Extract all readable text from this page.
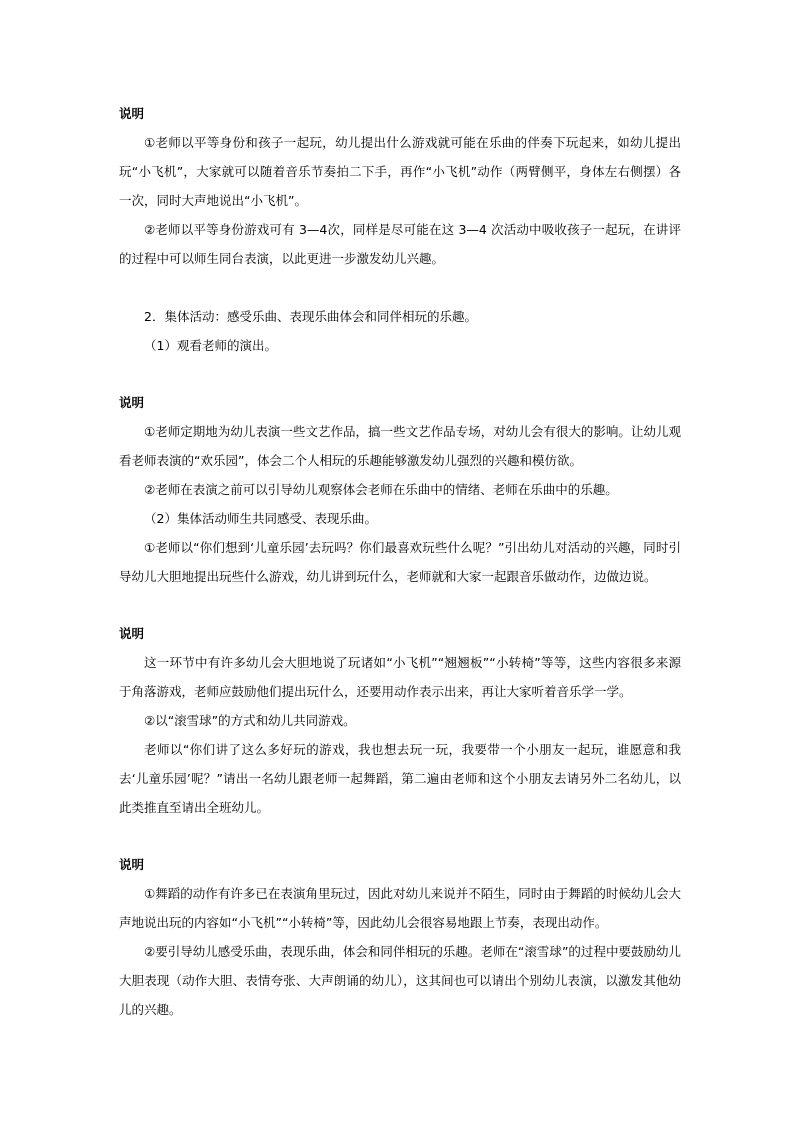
说明

①老师以平等身份和孩子一起玩，幼儿提出什么游戏就可能在乐曲的伴奏下玩起来，如幼儿提出玩“小飞机”，大家就可以随着音乐节奏拍二下手，再作“小飞机”动作（两臂侧平，身体左右侧摆）各一次，同时大声地说出“小飞机”。

②老师以平等身份游戏可有 3—4次，同样是尽可能在这 3—4 次活动中吸收孩子一起玩，在讲评的过程中可以师生同台表演，以此更进一步激发幼儿兴趣。

2．集体活动：感受乐曲、表现乐曲体会和同伴相玩的乐趣。

（1）观看老师的演出。

说明

①老师定期地为幼儿表演一些文艺作品，搞一些文艺作品专场，对幼儿会有很大的影响。让幼儿观看老师表演的“欢乐园”，体会二个人相玩的乐趣能够激发幼儿强烈的兴趣和模仿欲。

②老师在表演之前可以引导幼儿观察体会老师在乐曲中的情绪、老师在乐曲中的乐趣。

（2）集体活动师生共同感受、表现乐曲。

①老师以“你们想到‘儿童乐园’去玩吗？你们最喜欢玩些什么呢？”引出幼儿对活动的兴趣，同时引导幼儿大胆地提出玩些什么游戏，幼儿讲到玩什么，老师就和大家一起跟音乐做动作，边做边说。

说明

这一环节中有许多幼儿会大胆地说了玩诸如“小飞机”“翘翘板”“小转椅”等等，这些内容很多来源于角落游戏，老师应鼓励他们提出玩什么，还要用动作表示出来，再让大家听着音乐学一学。

②以“滚雪球”的方式和幼儿共同游戏。

老师以“你们讲了这么多好玩的游戏，我也想去玩一玩，我要带一个小朋友一起玩，谁愿意和我去‘儿童乐园’呢？”请出一名幼儿跟老师一起舞蹈，第二遍由老师和这个小朋友去请另外二名幼儿，以此类推直至请出全班幼儿。

说明

①舞蹈的动作有许多已在表演角里玩过，因此对幼儿来说并不陌生，同时由于舞蹈的时候幼儿会大声地说出玩的内容如“小飞机”“小转椅”等，因此幼儿会很容易地跟上节奏，表现出动作。

②要引导幼儿感受乐曲，表现乐曲，体会和同伴相玩的乐趣。老师在“滚雪球”的过程中要鼓励幼儿大胆表现（动作大胆、表情夸张、大声朗诵的幼儿），这其间也可以请出个别幼儿表演，以激发其他幼儿的兴趣。
